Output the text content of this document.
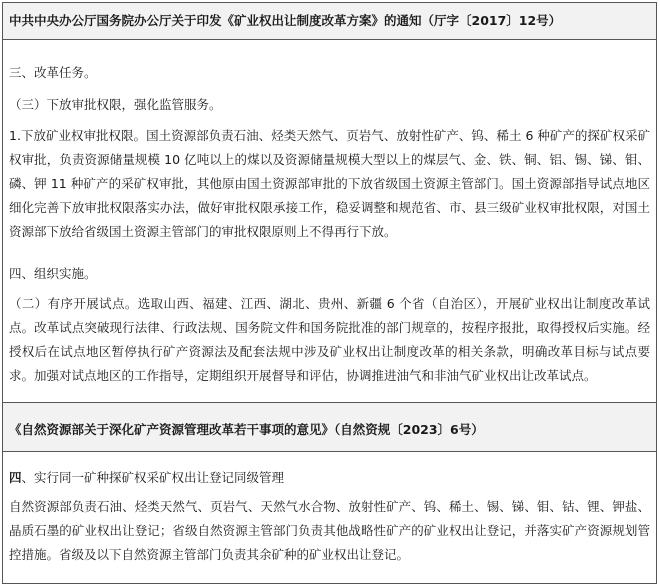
中共中央办公厅国务院办公厅关于印发《矿业权出让制度改革方案》的通知（厅字〔2017〕12号）
三、改革任务。
（三）下放审批权限，强化监管服务。
1.下放矿业权审批权限。国土资源部负责石油、烃类天然气、页岩气、放射性矿产、钨、稀土 6 种矿产的探矿权采矿权审批，负责资源储量规模 10 亿吨以上的煤以及资源储量规模大型以上的煤层气、金、铁、铜、铝、锡、锑、钼、磷、钾 11 种矿产的采矿权审批，其他原由国土资源部审批的下放省级国土资源主管部门。国土资源部指导试点地区细化完善下放审批权限落实办法，做好审批权限承接工作，稳妥调整和规范省、市、县三级矿业权审批权限，对国土资源部下放给省级国土资源主管部门的审批权限原则上不得再行下放。
四、组织实施。
（二）有序开展试点。选取山西、福建、江西、湖北、贵州、新疆 6 个省（自治区），开展矿业权出让制度改革试点。改革试点突破现行法律、行政法规、国务院文件和国务院批准的部门规章的，按程序报批，取得授权后实施。经授权后在试点地区暂停执行矿产资源法及配套法规中涉及矿业权出让制度改革的相关条款，明确改革目标与试点要求。加强对试点地区的工作指导，定期组织开展督导和评估，协调推进油气和非油气矿业权出让改革试点。
《自然资源部关于深化矿产资源管理改革若干事项的意见》（自然资规〔2023〕6号）
四、实行同一矿种探矿权采矿权出让登记同级管理
自然资源部负责石油、烃类天然气、页岩气、天然气水合物、放射性矿产、钨、稀土、锡、锑、钼、钴、锂、钾盐、晶质石墨的矿业权出让登记；省级自然资源主管部门负责其他战略性矿产的矿业权出让登记，并落实矿产资源规划管控措施。省级及以下自然资源主管部门负责其余矿种的矿业权出让登记。
